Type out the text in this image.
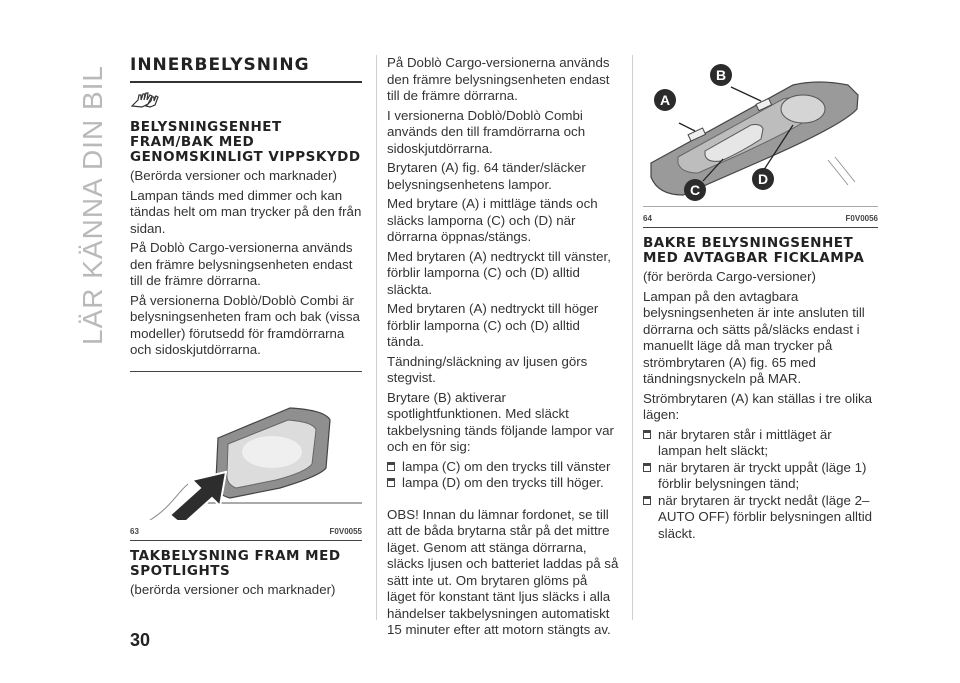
LÄR KÄNNA DIN BIL
30
INNERBELYSNING
BELYSNINGSENHET FRAM/BAK MED GENOMSKINLIGT VIPPSKYDD

(Berörda versioner och marknader)

Lampan tänds med dimmer och kan tändas helt om man trycker på den från sidan.

På Doblò Cargo-versionerna används den främre belysningsenheten endast till de främre dörrarna.

På versionerna Doblò/Doblò Combi är belysningsenheten fram och bak (vissa modeller) förutsedd för framdörrarna och sidoskjutdörrarna.

63	F0V0055
TAKBELYSNING FRAM MED SPOTLIGHTS

(berörda versioner och marknader)

På Doblò Cargo-versionerna används den främre belysningsenheten endast till de främre dörrarna.

I versionerna Doblò/Doblò Combi används den till framdörrarna och sidoskjutdörrarna.

Brytaren (A) fig. 64 tänder/släcker belysningsenhetens lampor.

Med brytare (A) i mittläge tänds och släcks lamporna (C) och (D) när dörrarna öppnas/stängs.

Med brytaren (A) nedtryckt till vänster, förblir lamporna (C) och (D) alltid släckta.

Med brytaren (A) nedtryckt till höger förblir lamporna (C) och (D) alltid tända.

Tändning/släckning av ljusen görs stegvist.

Brytare (B) aktiverar spotlightfunktionen. Med släckt takbelysning tänds följande lampor var och en för sig:

lampa (C) om den trycks till vänster
lampa (D) om den trycks till höger.

OBS! Innan du lämnar fordonet, se till att de båda brytarna står på det mittre läget. Genom att stänga dörrarna, släcks ljusen och batteriet laddas på så sätt inte ut. Om brytaren glöms på läget för konstant tänt ljus släcks i alla händelser takbelysningen automatiskt 15 minuter efter att motorn stängts av.

A
B
C
D
64	F0V0056
BAKRE BELYSNINGSENHET MED AVTAGBAR FICKLAMPA

(för berörda Cargo-versioner)

Lampan på den avtagbara belysningsenheten är inte ansluten till dörrarna och sätts på/släcks endast i manuellt läge då man trycker på strömbrytaren (A) fig. 65 med tändningsnyckeln på MAR.

Strömbrytaren (A) kan ställas i tre olika lägen:

när brytaren står i mittläget är lampan helt släckt;
när brytaren är tryckt uppåt (läge 1) förblir belysningen tänd;
när brytaren är tryckt nedåt (läge 2–AUTO OFF) förblir belysningen alltid släckt.
